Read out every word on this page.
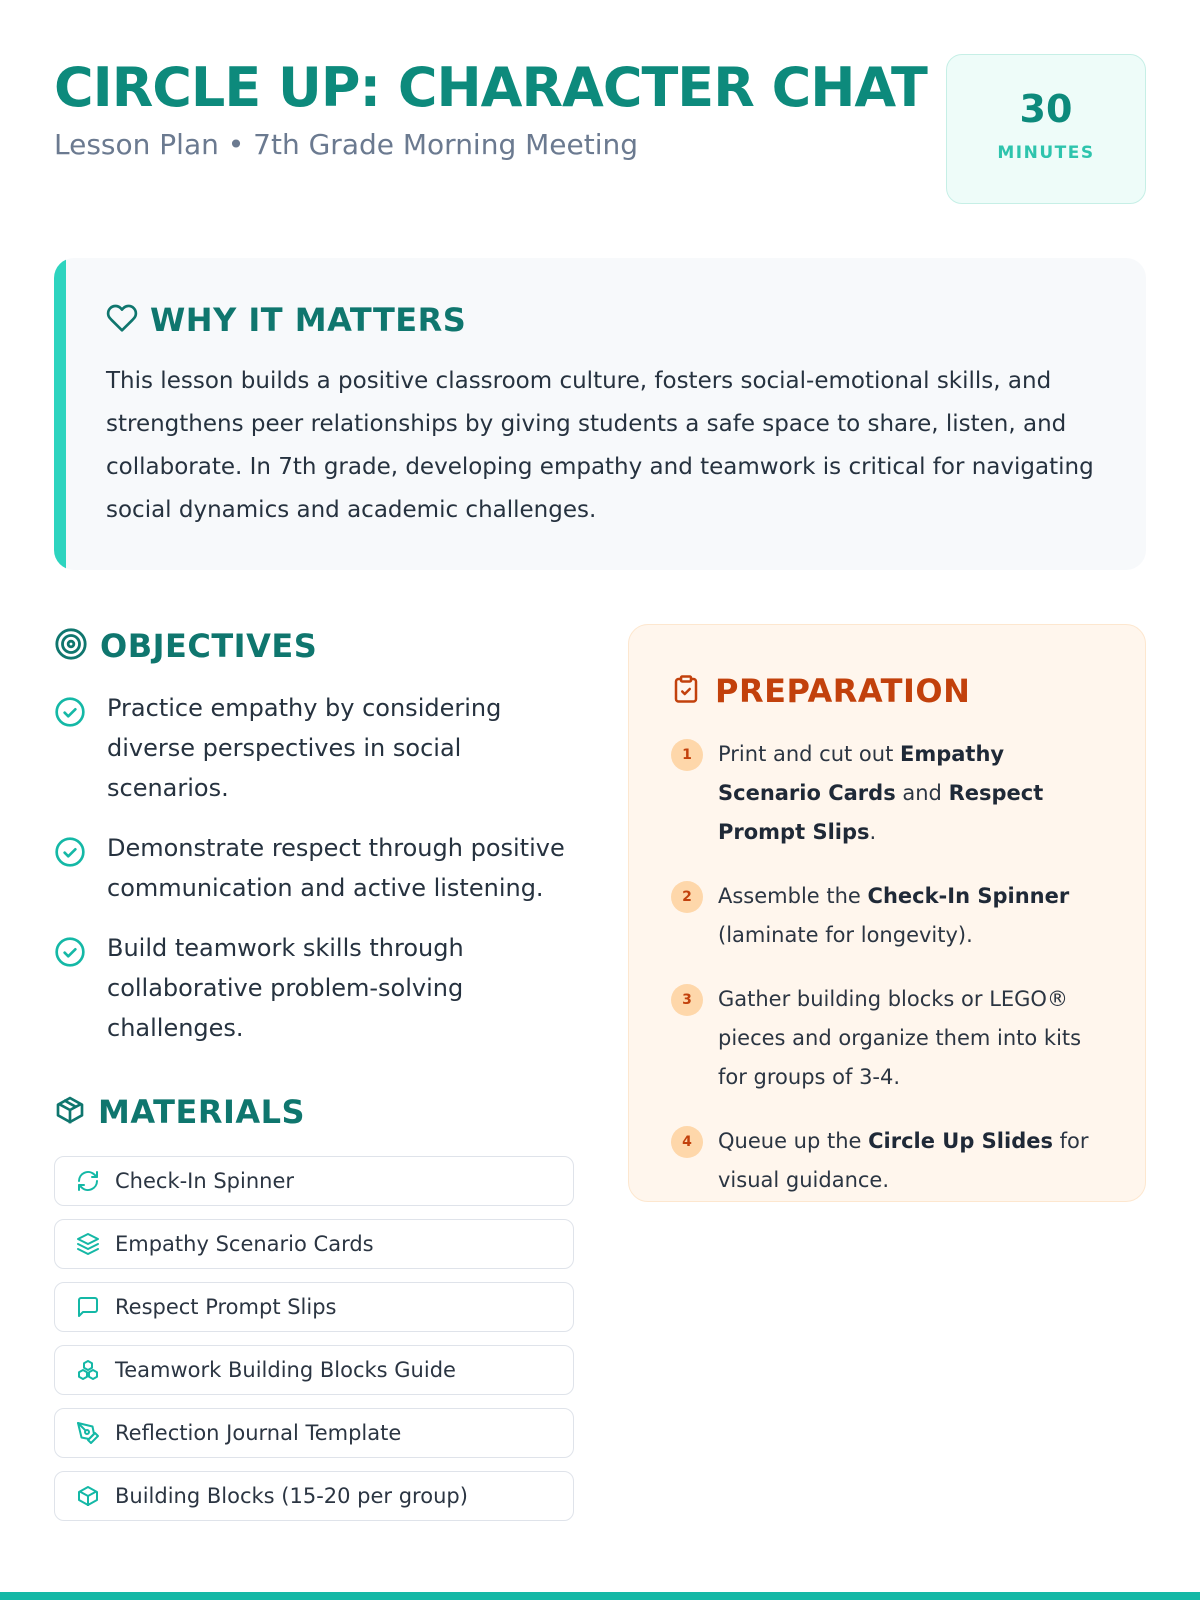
CIRCLE UP: CHARACTER CHAT
Lesson Plan • 7th Grade Morning Meeting
30
MINUTES
WHY IT MATTERS

This lesson builds a positive classroom culture, fosters social-emotional skills, and strengthens peer relationships by giving students a safe space to share, listen, and collaborate. In 7th grade, developing empathy and teamwork is critical for navigating social dynamics and academic challenges.

OBJECTIVES
Practice empathy by considering diverse perspectives in social scenarios.
Demonstrate respect through positive communication and active listening.
Build teamwork skills through collaborative problem-solving challenges.
MATERIALS
Check-In Spinner
Empathy Scenario Cards
Respect Prompt Slips
Teamwork Building Blocks Guide
Reflection Journal Template
Building Blocks (15-20 per group)
PREPARATION
1	Print and cut out Empathy Scenario Cards and Respect Prompt Slips.
2	Assemble the Check-In Spinner (laminate for longevity).
3	Gather building blocks or LEGO® pieces and organize them into kits for groups of 3-4.
4	Queue up the Circle Up Slides for visual guidance.
